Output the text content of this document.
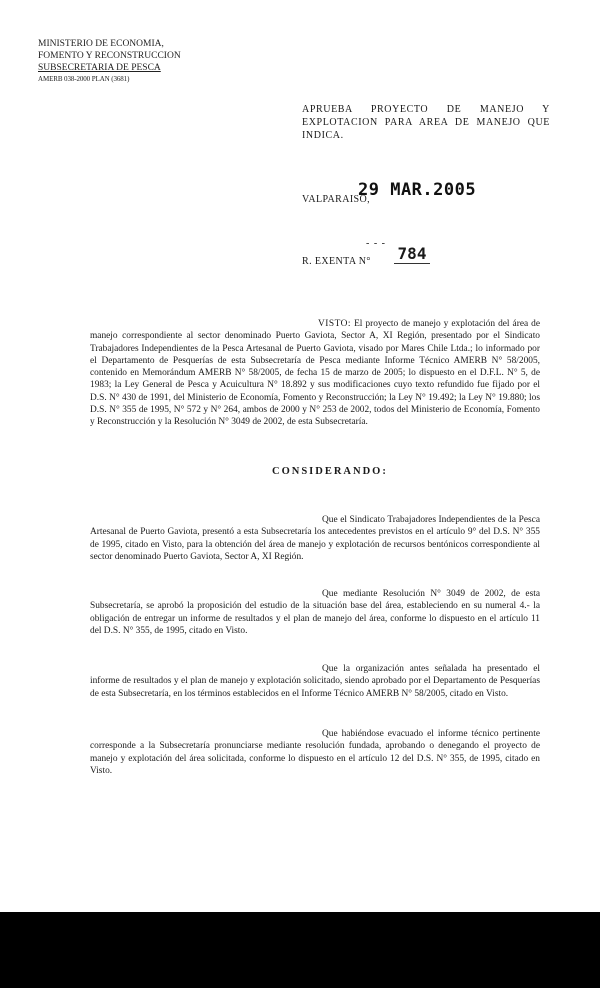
MINISTERIO DE ECONOMIA,
FOMENTO Y RECONSTRUCCION
SUBSECRETARIA DE PESCA
AMERB 038-2000 PLAN (3681)
APRUEBA PROYECTO DE MANEJO Y EXPLOTACION PARA AREA DE MANEJO QUE INDICA.
VALPARAISO,
29 MAR.2005
- - -
R. EXENTA N° 784
VISTO: El proyecto de manejo y explotación del área de manejo correspondiente al sector denominado Puerto Gaviota, Sector A, XI Región, presentado por el Sindicato Trabajadores Independientes de la Pesca Artesanal de Puerto Gaviota, visado por Mares Chile Ltda.; lo informado por el Departamento de Pesquerías de esta Subsecretaría de Pesca mediante Informe Técnico AMERB N° 58/2005, contenido en Memorándum AMERB N° 58/2005, de fecha 15 de marzo de 2005; lo dispuesto en el D.F.L. N° 5, de 1983; la Ley General de Pesca y Acuicultura N° 18.892 y sus modificaciones cuyo texto refundido fue fijado por el D.S. N° 430 de 1991, del Ministerio de Economía, Fomento y Reconstrucción; la Ley N° 19.492; la Ley N° 19.880; los D.S. N° 355 de 1995, N° 572 y N° 264, ambos de 2000 y N° 253 de 2002, todos del Ministerio de Economía, Fomento y Reconstrucción y la Resolución N° 3049 de 2002, de esta Subsecretaría.
CONSIDERANDO:
Que el Sindicato Trabajadores Independientes de la Pesca Artesanal de Puerto Gaviota, presentó a esta Subsecretaría los antecedentes previstos en el artículo 9° del D.S. N° 355 de 1995, citado en Visto, para la obtención del área de manejo y explotación de recursos bentónicos correspondiente al sector denominado Puerto Gaviota, Sector A, XI Región.
Que mediante Resolución N° 3049 de 2002, de esta Subsecretaría, se aprobó la proposición del estudio de la situación base del área, estableciendo en su numeral 4.- la obligación de entregar un informe de resultados y el plan de manejo del área, conforme lo dispuesto en el artículo 11 del D.S. N° 355, de 1995, citado en Visto.
Que la organización antes señalada ha presentado el informe de resultados y el plan de manejo y explotación solicitado, siendo aprobado por el Departamento de Pesquerías de esta Subsecretaría, en los términos establecidos en el Informe Técnico AMERB N° 58/2005, citado en Visto.
Que habiéndose evacuado el informe técnico pertinente corresponde a la Subsecretaría pronunciarse mediante resolución fundada, aprobando o denegando el proyecto de manejo y explotación del área solicitada, conforme lo dispuesto en el artículo 12 del D.S. N° 355, de 1995, citado en Visto.
